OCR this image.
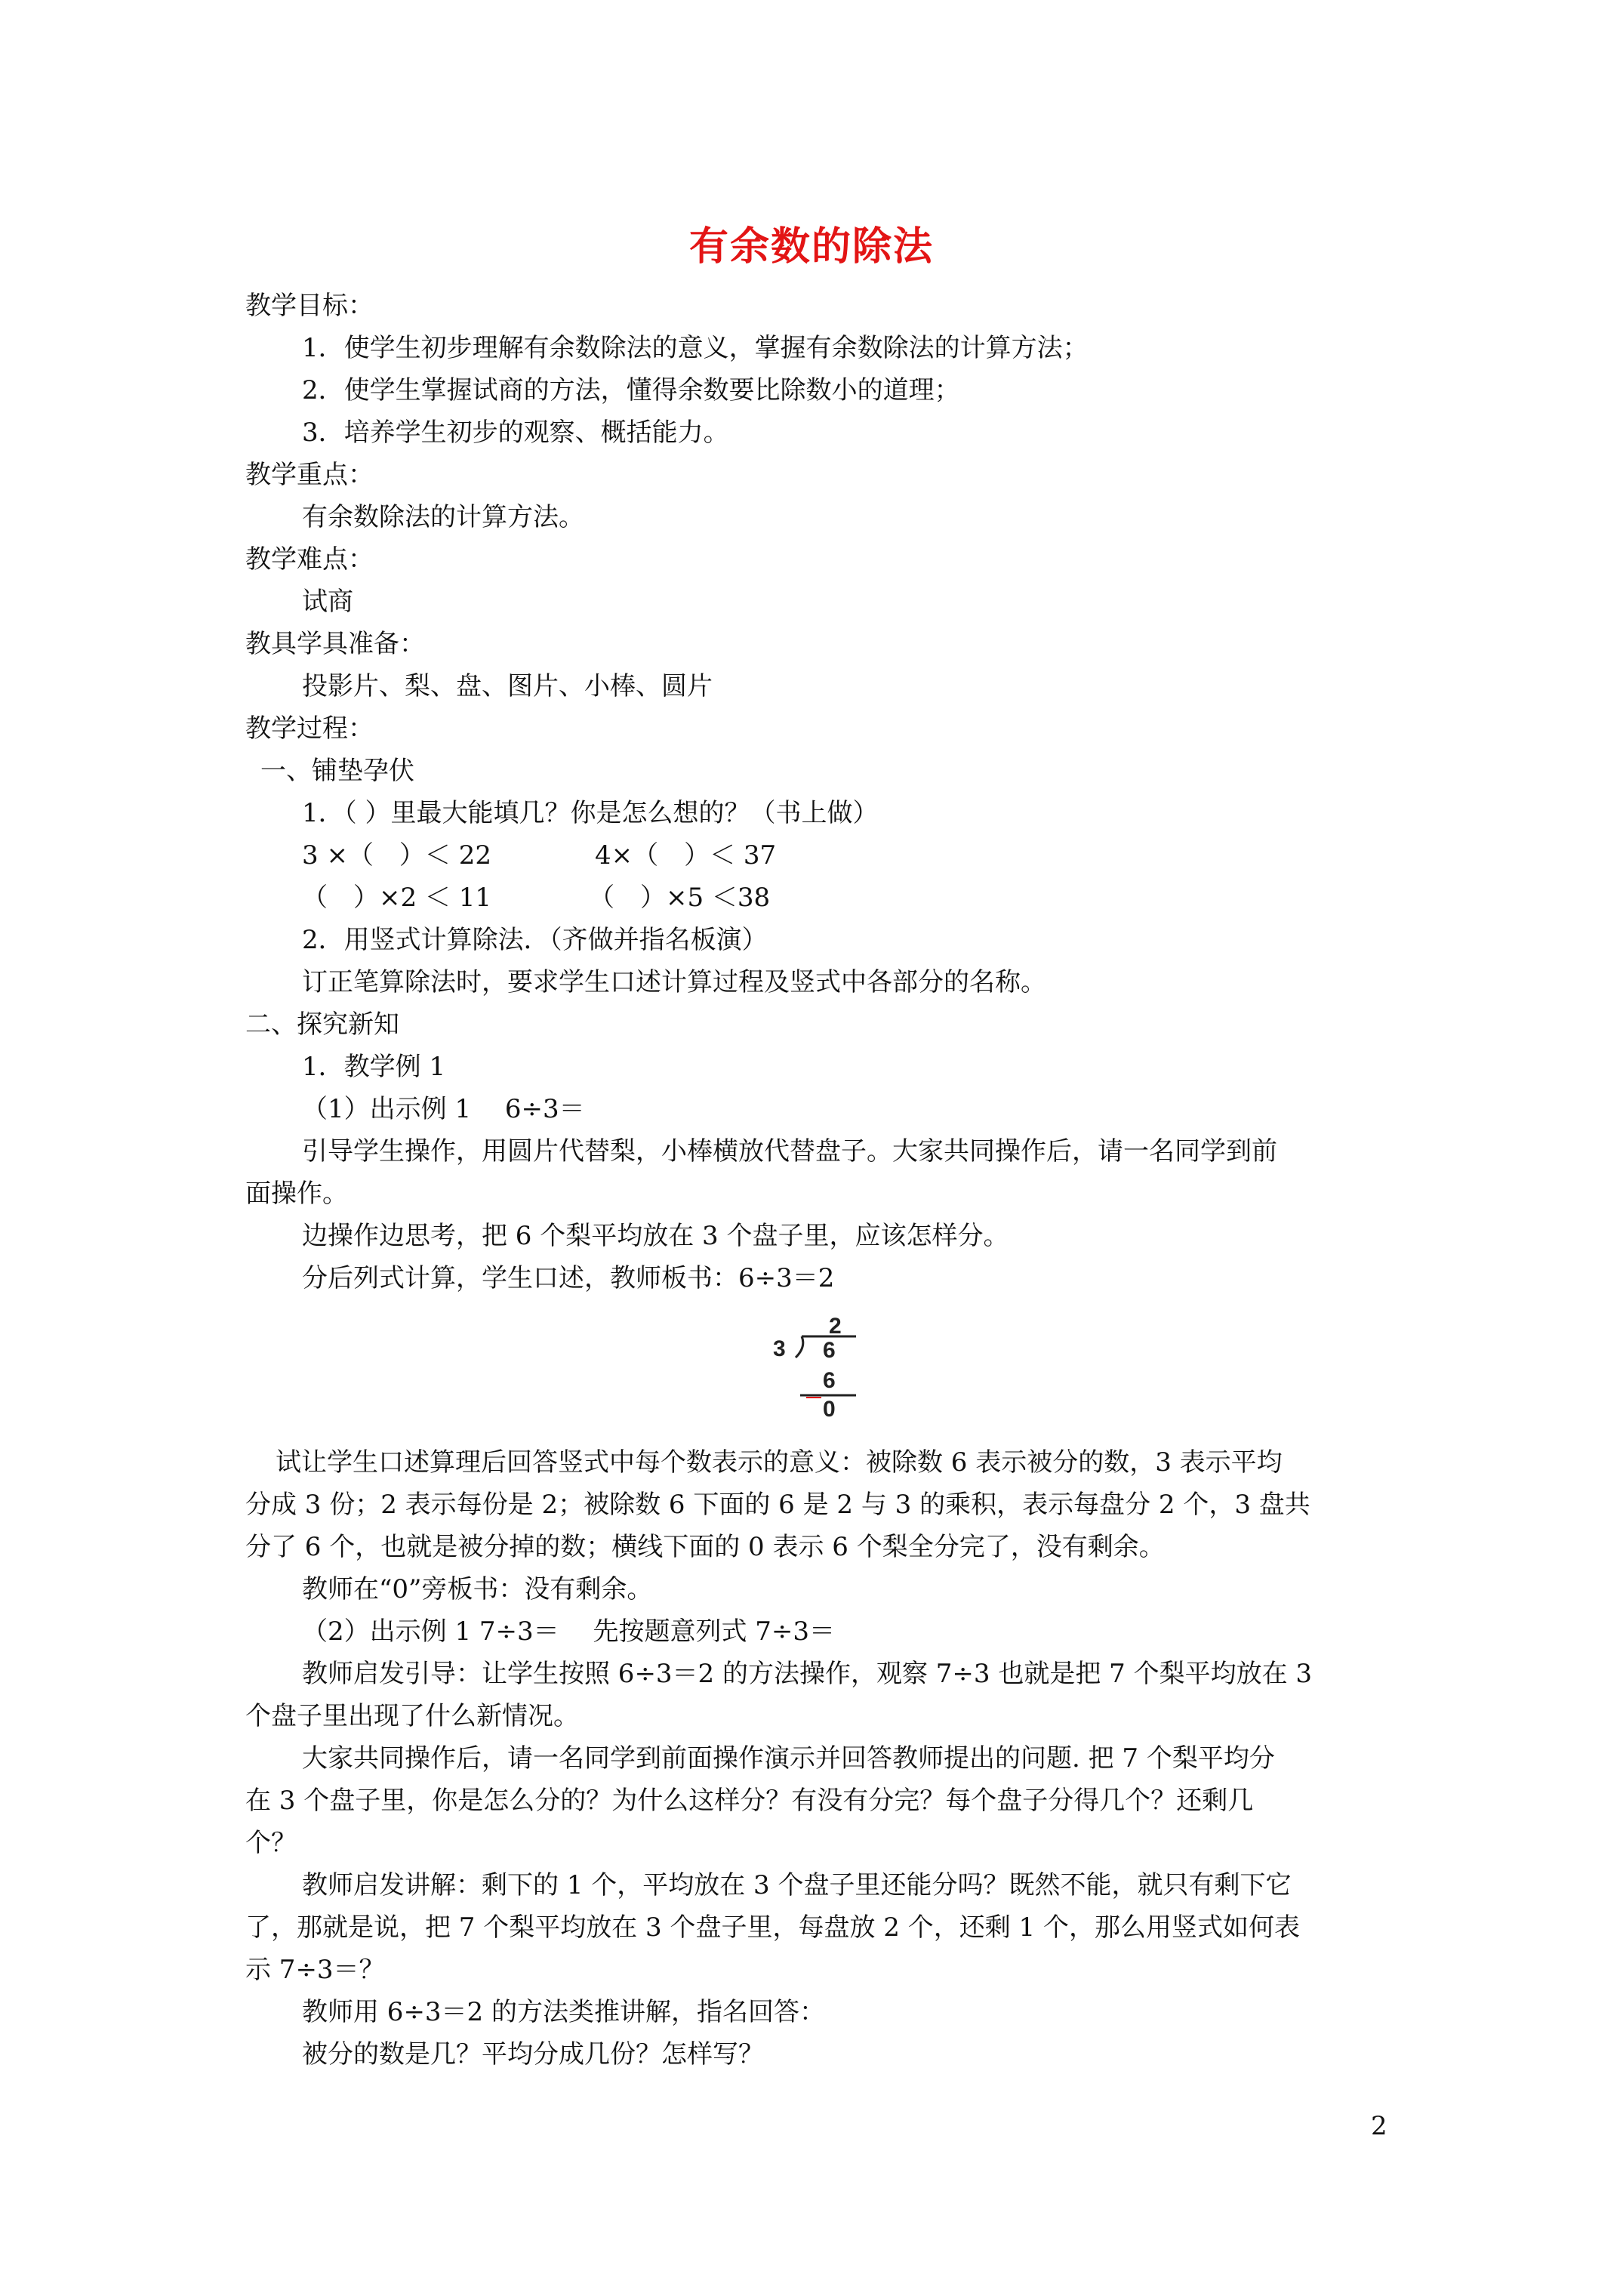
有余数的除法
教学目标：
1．使学生初步理解有余数除法的意义，掌握有余数除法的计算方法；
2．使学生掌握试商的方法，懂得余数要比除数小的道理；
3．培养学生初步的观察、概括能力。
教学重点：
有余数除法的计算方法。
教学难点：
试商
教具学具准备：
投影片、梨、盘、图片、小棒、圆片
教学过程：
一、铺垫孕伏
1．（ ）里最大能填几？你是怎么想的？（书上做）
3 ×（　）＜ 22	4×（　）＜ 37
（　）×2 ＜ 11	（　）×5 ＜38
2．用竖式计算除法．（齐做并指名板演）
订正笔算除法时，要求学生口述计算过程及竖式中各部分的名称。
二、探究新知
1．教学例 1
（1）出示例 1　 6÷3＝
引导学生操作，用圆片代替梨，小棒横放代替盘子。大家共同操作后，请一名同学到前
面操作。
边操作边思考，把 6 个梨平均放在 3 个盘子里，应该怎样分。
分后列式计算，学生口述，教师板书：6÷3＝2
2
3 6
6
0
试让学生口述算理后回答竖式中每个数表示的意义：被除数 6 表示被分的数，3 表示平均
分成 3 份；2 表示每份是 2；被除数 6 下面的 6 是 2 与 3 的乘积，表示每盘分 2 个，3 盘共
分了 6 个，也就是被分掉的数；横线下面的 0 表示 6 个梨全分完了，没有剩余。
教师在“0”旁板书：没有剩余。
（2）出示例 1 7÷3＝　 先按题意列式 7÷3＝
教师启发引导：让学生按照 6÷3＝2 的方法操作，观察 7÷3 也就是把 7 个梨平均放在 3
个盘子里出现了什么新情况。
大家共同操作后，请一名同学到前面操作演示并回答教师提出的问题. 把 7 个梨平均分
在 3 个盘子里，你是怎么分的？为什么这样分？有没有分完？每个盘子分得几个？还剩几
个？
教师启发讲解：剩下的 1 个，平均放在 3 个盘子里还能分吗？既然不能，就只有剩下它
了，那就是说，把 7 个梨平均放在 3 个盘子里，每盘放 2 个，还剩 1 个，那么用竖式如何表
示 7÷3＝？
教师用 6÷3＝2 的方法类推讲解，指名回答：
被分的数是几？平均分成几份？怎样写？
2
